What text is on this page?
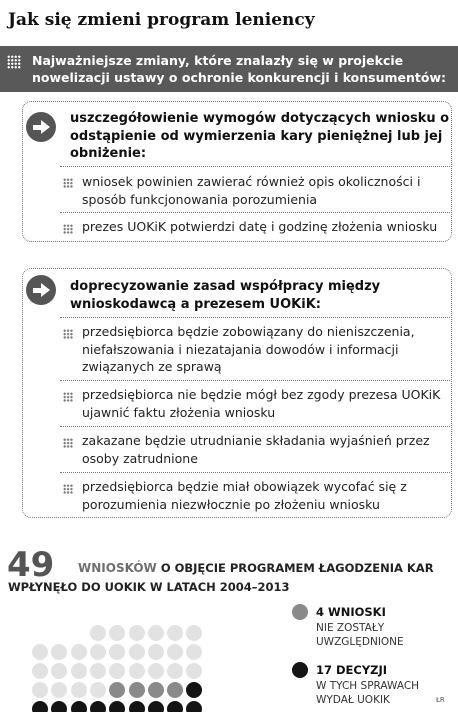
Jak się zmieni program leniency
Najważniejsze zmiany, które znalazły się w projekcie nowelizacji ustawy o ochronie konkurencji i konsumentów:
uszczegółowienie wymogów dotyczących wniosku o odstąpienie od wymierzenia kary pieniężnej lub jej obniżenie:
wniosek powinien zawierać również opis okoliczności i sposób funkcjonowania porozumienia
prezes UOKiK potwierdzi datę i godzinę złożenia wniosku
doprecyzowanie zasad współpracy między wnioskodawcą a prezesem UOKiK:
przedsiębiorca będzie zobowiązany do nieniszczenia, niefałszowania i niezatajania dowodów i informacji związanych ze sprawą
przedsiębiorca nie będzie mógł bez zgody prezesa UOKiK ujawnić faktu złożenia wniosku
zakazane będzie utrudnianie składania wyjaśnień przez osoby zatrudnione
przedsiębiorca będzie miał obowiązek wycofać się z porozumienia niezwłocznie po złożeniu wniosku
49 WNIOSKÓW O OBJĘCIE PROGRAMEM ŁAGODZENIA KAR
WPŁYNĘŁO DO UOKIK W LATACH 2004–2013
4 WNIOSKI
NIE ZOSTAŁY UWZGLĘDNIONE
17 DECYZJI
W TYCH SPRAWACH WYDAŁ UOKIK	ŁR
